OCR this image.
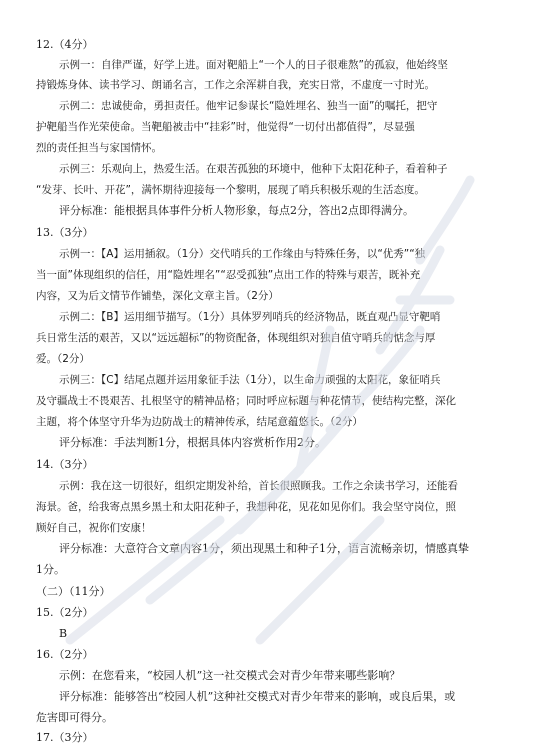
12.（4分）
示例一：自律严谨，好学上进。面对靶船上“一个人的日子很难熬”的孤寂，他始终坚
持锻炼身体、读书学习、朗诵名言，工作之余浑耕自我，充实日常，不虚度一寸时光。
示例二：忠诚使命，勇担责任。他牢记参谋长“隐姓埋名、独当一面”的嘱托，把守
护靶船当作光荣使命。当靶船被击中“挂彩”时，他觉得“一切付出都值得”，尽显强
烈的责任担当与家国情怀。
示例三：乐观向上，热爱生活。在艰苦孤独的环境中，他种下太阳花种子，看着种子
“发芽、长叶、开花”，满怀期待迎接每一个黎明，展现了哨兵积极乐观的生活态度。
评分标准：能根据具体事件分析人物形象，每点2分，答出2点即得满分。
13.（3分）
示例一：【A】运用插叙。（1分）交代哨兵的工作缘由与特殊任务，以“优秀”“独
当一面”体现组织的信任，用“隐姓埋名”“忍受孤独”点出工作的特殊与艰苦，既补充
内容，又为后文情节作铺垫，深化文章主旨。（2分）
示例二：【B】运用细节描写。（1分）具体罗列哨兵的经济物品，既直观凸显守靶哨
兵日常生活的艰苦，又以“远远超标”的物资配备，体现组织对独自值守哨兵的惦念与厚
爱。（2分）
示例三：【C】结尾点题并运用象征手法（1分），以生命力顽强的太阳花，象征哨兵
及守疆战士不畏艰苦、扎根坚守的精神品格；同时呼应标题与种花情节，使结构完整，深化
主题，将个体坚守升华为边防战士的精神传承，结尾意蕴悠长。（2分）
评分标准：手法判断1分，根据具体内容赏析作用2分。
14.（3分）
示例：我在这一切很好，组织定期发补给，首长很照顾我。工作之余读书学习，还能看
海景。爸，给我寄点黑乡黑土和太阳花种子，我想种花，见花如见你们。我会坚守岗位，照
顾好自己，祝你们安康！
评分标准：大意符合文章内容1分，须出现黑土和种子1分，语言流畅亲切，情感真挚
1分。
（二）（11分）
15.（2分）
B
16.（2分）
示例：在您看来，“校园人机”这一社交模式会对青少年带来哪些影响？
评分标准：能够答出“校园人机”这种社交模式对青少年带来的影响，或良后果，或
危害即可得分。
17.（3分）
